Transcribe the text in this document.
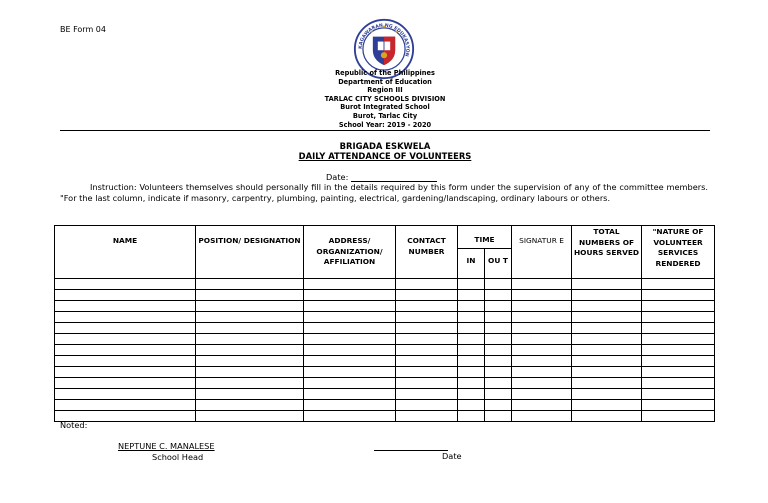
BE Form 04
KAGAWARAN NG EDUKASYON
Republic of the Philippines
Department of Education
Region III
TARLAC CITY SCHOOLS DIVISION
Burot Integrated School
Burot, Tarlac City
School Year: 2019 - 2020
BRIGADA ESKWELA
DAILY ATTENDANCE OF VOLUNTEERS
Date:
Instruction: Volunteers themselves should personally fill in the details required by this form under the supervision of any of the committee members. "For the last column, indicate if masonry, carpentry, plumbing, painting, electrical, gardening/landscaping, ordinary labours or others.
NAME	POSITION/ DESIGNATION	ADDRESS/ ORGANIZATION/ AFFILIATION	CONTACT NUMBER	TIME		SIGNATUR E	TOTAL NUMBERS OF HOURS SERVED	"NATURE OF VOLUNTEER SERVICES RENDERED
				IN	OU T			

Noted:
NEPTUNE C. MANALESE
School Head	Date
